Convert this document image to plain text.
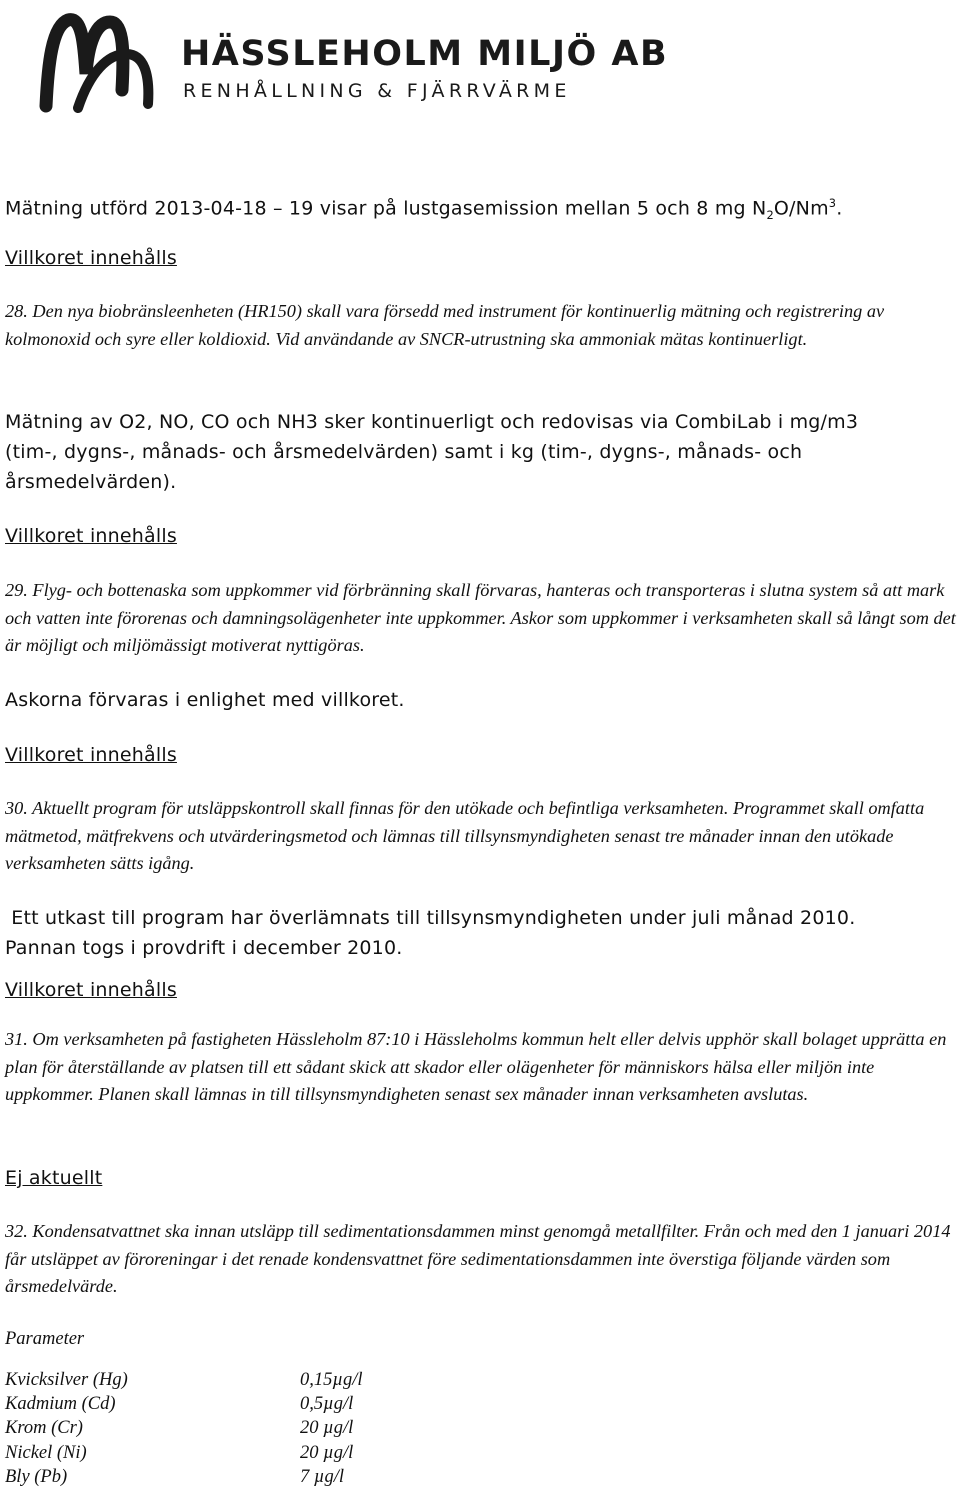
HÄSSLEHOLM MILJÖ AB
RENHÅLLNING & FJÄRRVÄRME

Mätning utförd 2013-04-18 – 19 visar på lustgasemission mellan 5 och 8 mg $N_2O/Nm^3$.

Villkoret innehålls

28. Den nya biobränsleenheten (HR150) skall vara försedd med instrument för kontinuerlig mätning och registrering av kolmonoxid och syre eller koldioxid. Vid användande av SNCR-utrustning ska ammoniak mätas kontinuerligt.

Mätning av O2, NO, CO och NH3 sker kontinuerligt och redovisas via CombiLab i mg/m3
(tim-, dygns-, månads- och årsmedelvärden) samt i kg (tim-, dygns-, månads- och
årsmedelvärden).

Villkoret innehålls

29. Flyg- och bottenaska som uppkommer vid förbränning skall förvaras, hanteras och transporteras i slutna system så att mark och vatten inte förorenas och damningsolägenheter inte uppkommer. Askor som uppkommer i verksamheten skall så långt som det är möjligt och miljömässigt motiverat nyttigöras.

Askorna förvaras i enlighet med villkoret.

Villkoret innehålls

30. Aktuellt program för utsläppskontroll skall finnas för den utökade och befintliga verksamheten. Programmet skall omfatta mätmetod, mätfrekvens och utvärderingsmetod och lämnas till tillsynsmyndigheten senast tre månader innan den utökade verksamheten sätts igång.

Ett utkast till program har överlämnats till tillsynsmyndigheten under juli månad 2010.
Pannan togs i provdrift i december 2010.

Villkoret innehålls

31. Om verksamheten på fastigheten Hässleholm 87:10 i Hässleholms kommun helt eller delvis upphör skall bolaget upprätta en plan för återställande av platsen till ett sådant skick att skador eller olägenheter för människors hälsa eller miljön inte uppkommer. Planen skall lämnas in till tillsynsmyndigheten senast sex månader innan verksamheten avslutas.

Ej aktuellt

32. Kondensatvattnet ska innan utsläpp till sedimentationsdammen minst genomgå metallfilter. Från och med den 1 januari 2014 får utsläppet av föroreningar i det renade kondensvattnet före sedimentationsdammen inte överstiga följande värden som årsmedelvärde.

Parameter

Kvicksilver (Hg)	0,15µg/l
Kadmium (Cd)	0,5µg/l
Krom (Cr)	20 µg/l
Nickel (Ni)	20 µg/l
Bly (Pb)	7 µg/l
